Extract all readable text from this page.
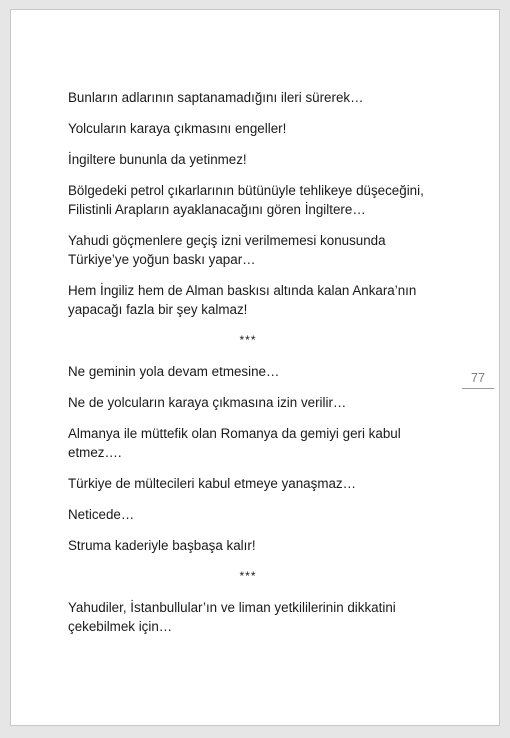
Bunların adlarının saptanamadığını ileri sürerek…
Yolcuların karaya çıkmasını engeller!
İngiltere bununla da yetinmez!
Bölgedeki petrol çıkarlarının bütünüyle tehlikeye düşeceğini,
Filistinli Arapların ayaklanacağını gören İngiltere…
Yahudi göçmenlere geçiş izni verilmemesi konusunda
Türkiye’ye yoğun baskı yapar…
Hem İngiliz hem de Alman baskısı altında kalan Ankara’nın
yapacağı fazla bir şey kalmaz!
***
Ne geminin yola devam etmesine…
Ne de yolcuların karaya çıkmasına izin verilir…
Almanya ile müttefik olan Romanya da gemiyi geri kabul
etmez….
Türkiye de mültecileri kabul etmeye yanaşmaz…
Neticede…
Struma kaderiyle başbaşa kalır!
***
Yahudiler, İstanbullular’ın ve liman yetkililerinin dikkatini
çekebilmek için…
77
